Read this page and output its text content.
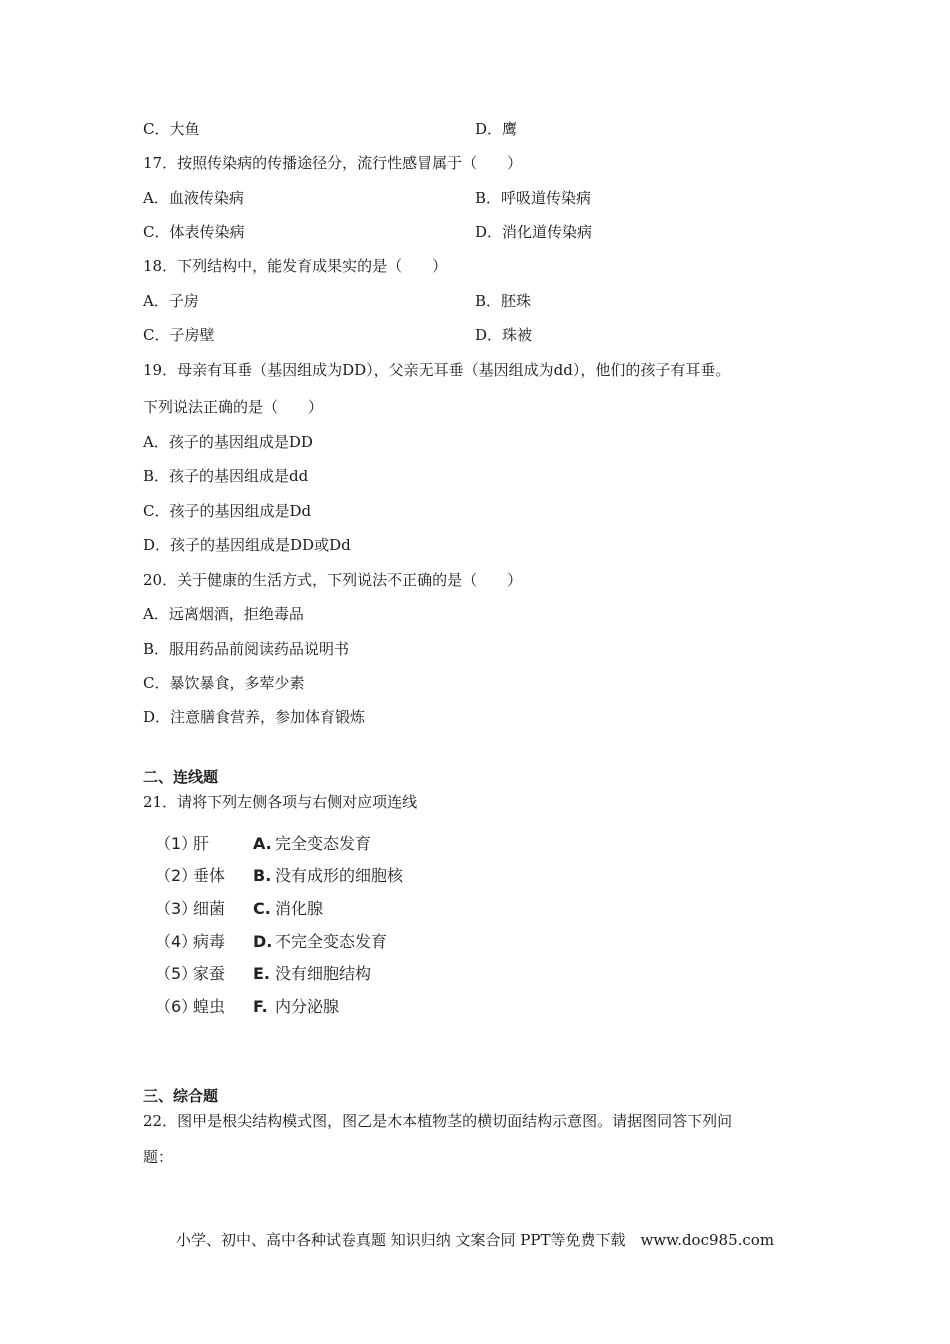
C．大鱼	D．鹰
17．按照传染病的传播途径分，流行性感冒属于（　　）
A．血液传染病	B．呼吸道传染病
C．体表传染病	D．消化道传染病
18．下列结构中，能发育成果实的是（　　）
A．子房	B．胚珠
C．子房壁	D．珠被
19．母亲有耳垂（基因组成为DD），父亲无耳垂（基因组成为dd），他们的孩子有耳垂。
下列说法正确的是（　　）
A．孩子的基因组成是DD
B．孩子的基因组成是dd
C．孩子的基因组成是Dd
D．孩子的基因组成是DD或Dd
20．关于健康的生活方式，下列说法不正确的是（　　）
A．远离烟酒，拒绝毒品
B．服用药品前阅读药品说明书
C．暴饮暴食，多荤少素
D．注意膳食营养，参加体育锻炼
二、连线题
21．请将下列左侧各项与右侧对应项连线
（1）肝	A. 完全变态发育
（2）垂体 B. 没有成形的细胞核
（3）细菌 C. 消化腺
（4）病毒 D. 不完全变态发育
（5）家蚕 E. 没有细胞结构
（6）蝗虫 F. 内分泌腺
三、综合题
22．图甲是根尖结构模式图，图乙是木本植物茎的横切面结构示意图。请据图同答下列问
题：
小学、初中、高中各种试卷真题 知识归纳 文案合同 PPT等免费下载　www.doc985.com
